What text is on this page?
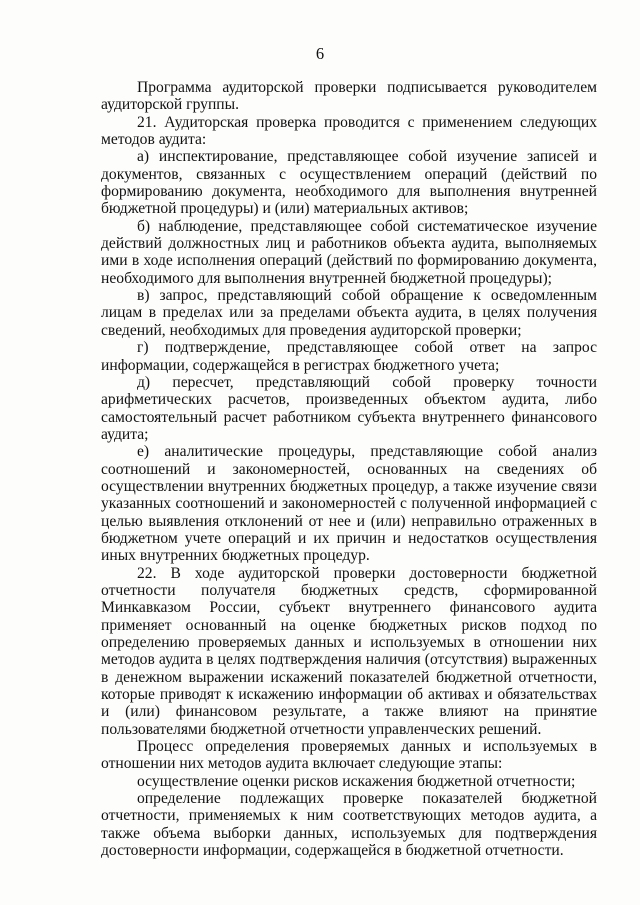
6

Программа аудиторской проверки подписывается руководителем аудиторской группы.

21. Аудиторская проверка проводится с применением следующих методов аудита:

а) инспектирование, представляющее собой изучение записей и документов, связанных с осуществлением операций (действий по формированию документа, необходимого для выполнения внутренней бюджетной процедуры) и (или) материальных активов;

б) наблюдение, представляющее собой систематическое изучение действий должностных лиц и работников объекта аудита, выполняемых ими в ходе исполнения операций (действий по формированию документа, необходимого для выполнения внутренней бюджетной процедуры);

в) запрос, представляющий собой обращение к осведомленным лицам в пределах или за пределами объекта аудита, в целях получения сведений, необходимых для проведения аудиторской проверки;

г) подтверждение, представляющее собой ответ на запрос информации, содержащейся в регистрах бюджетного учета;

д) пересчет, представляющий собой проверку точности арифметических расчетов, произведенных объектом аудита, либо самостоятельный расчет работником субъекта внутреннего финансового аудита;

е) аналитические процедуры, представляющие собой анализ соотношений и закономерностей, основанных на сведениях об осуществлении внутренних бюджетных процедур, а также изучение связи указанных соотношений и закономерностей с полученной информацией с целью выявления отклонений от нее и (или) неправильно отраженных в бюджетном учете операций и их причин и недостатков осуществления иных внутренних бюджетных процедур.

22. В ходе аудиторской проверки достоверности бюджетной отчетности получателя бюджетных средств, сформированной Минкавказом России, субъект внутреннего финансового аудита применяет основанный на оценке бюджетных рисков подход по определению проверяемых данных и используемых в отношении них методов аудита в целях подтверждения наличия (отсутствия) выраженных в денежном выражении искажений показателей бюджетной отчетности, которые приводят к искажению информации об активах и обязательствах и (или) финансовом результате, а также влияют на принятие пользователями бюджетной отчетности управленческих решений.

Процесс определения проверяемых данных и используемых в отношении них методов аудита включает следующие этапы:

осуществление оценки рисков искажения бюджетной отчетности;

определение подлежащих проверке показателей бюджетной отчетности, применяемых к ним соответствующих методов аудита, а также объема выборки данных, используемых для подтверждения достоверности информации, содержащейся в бюджетной отчетности.
